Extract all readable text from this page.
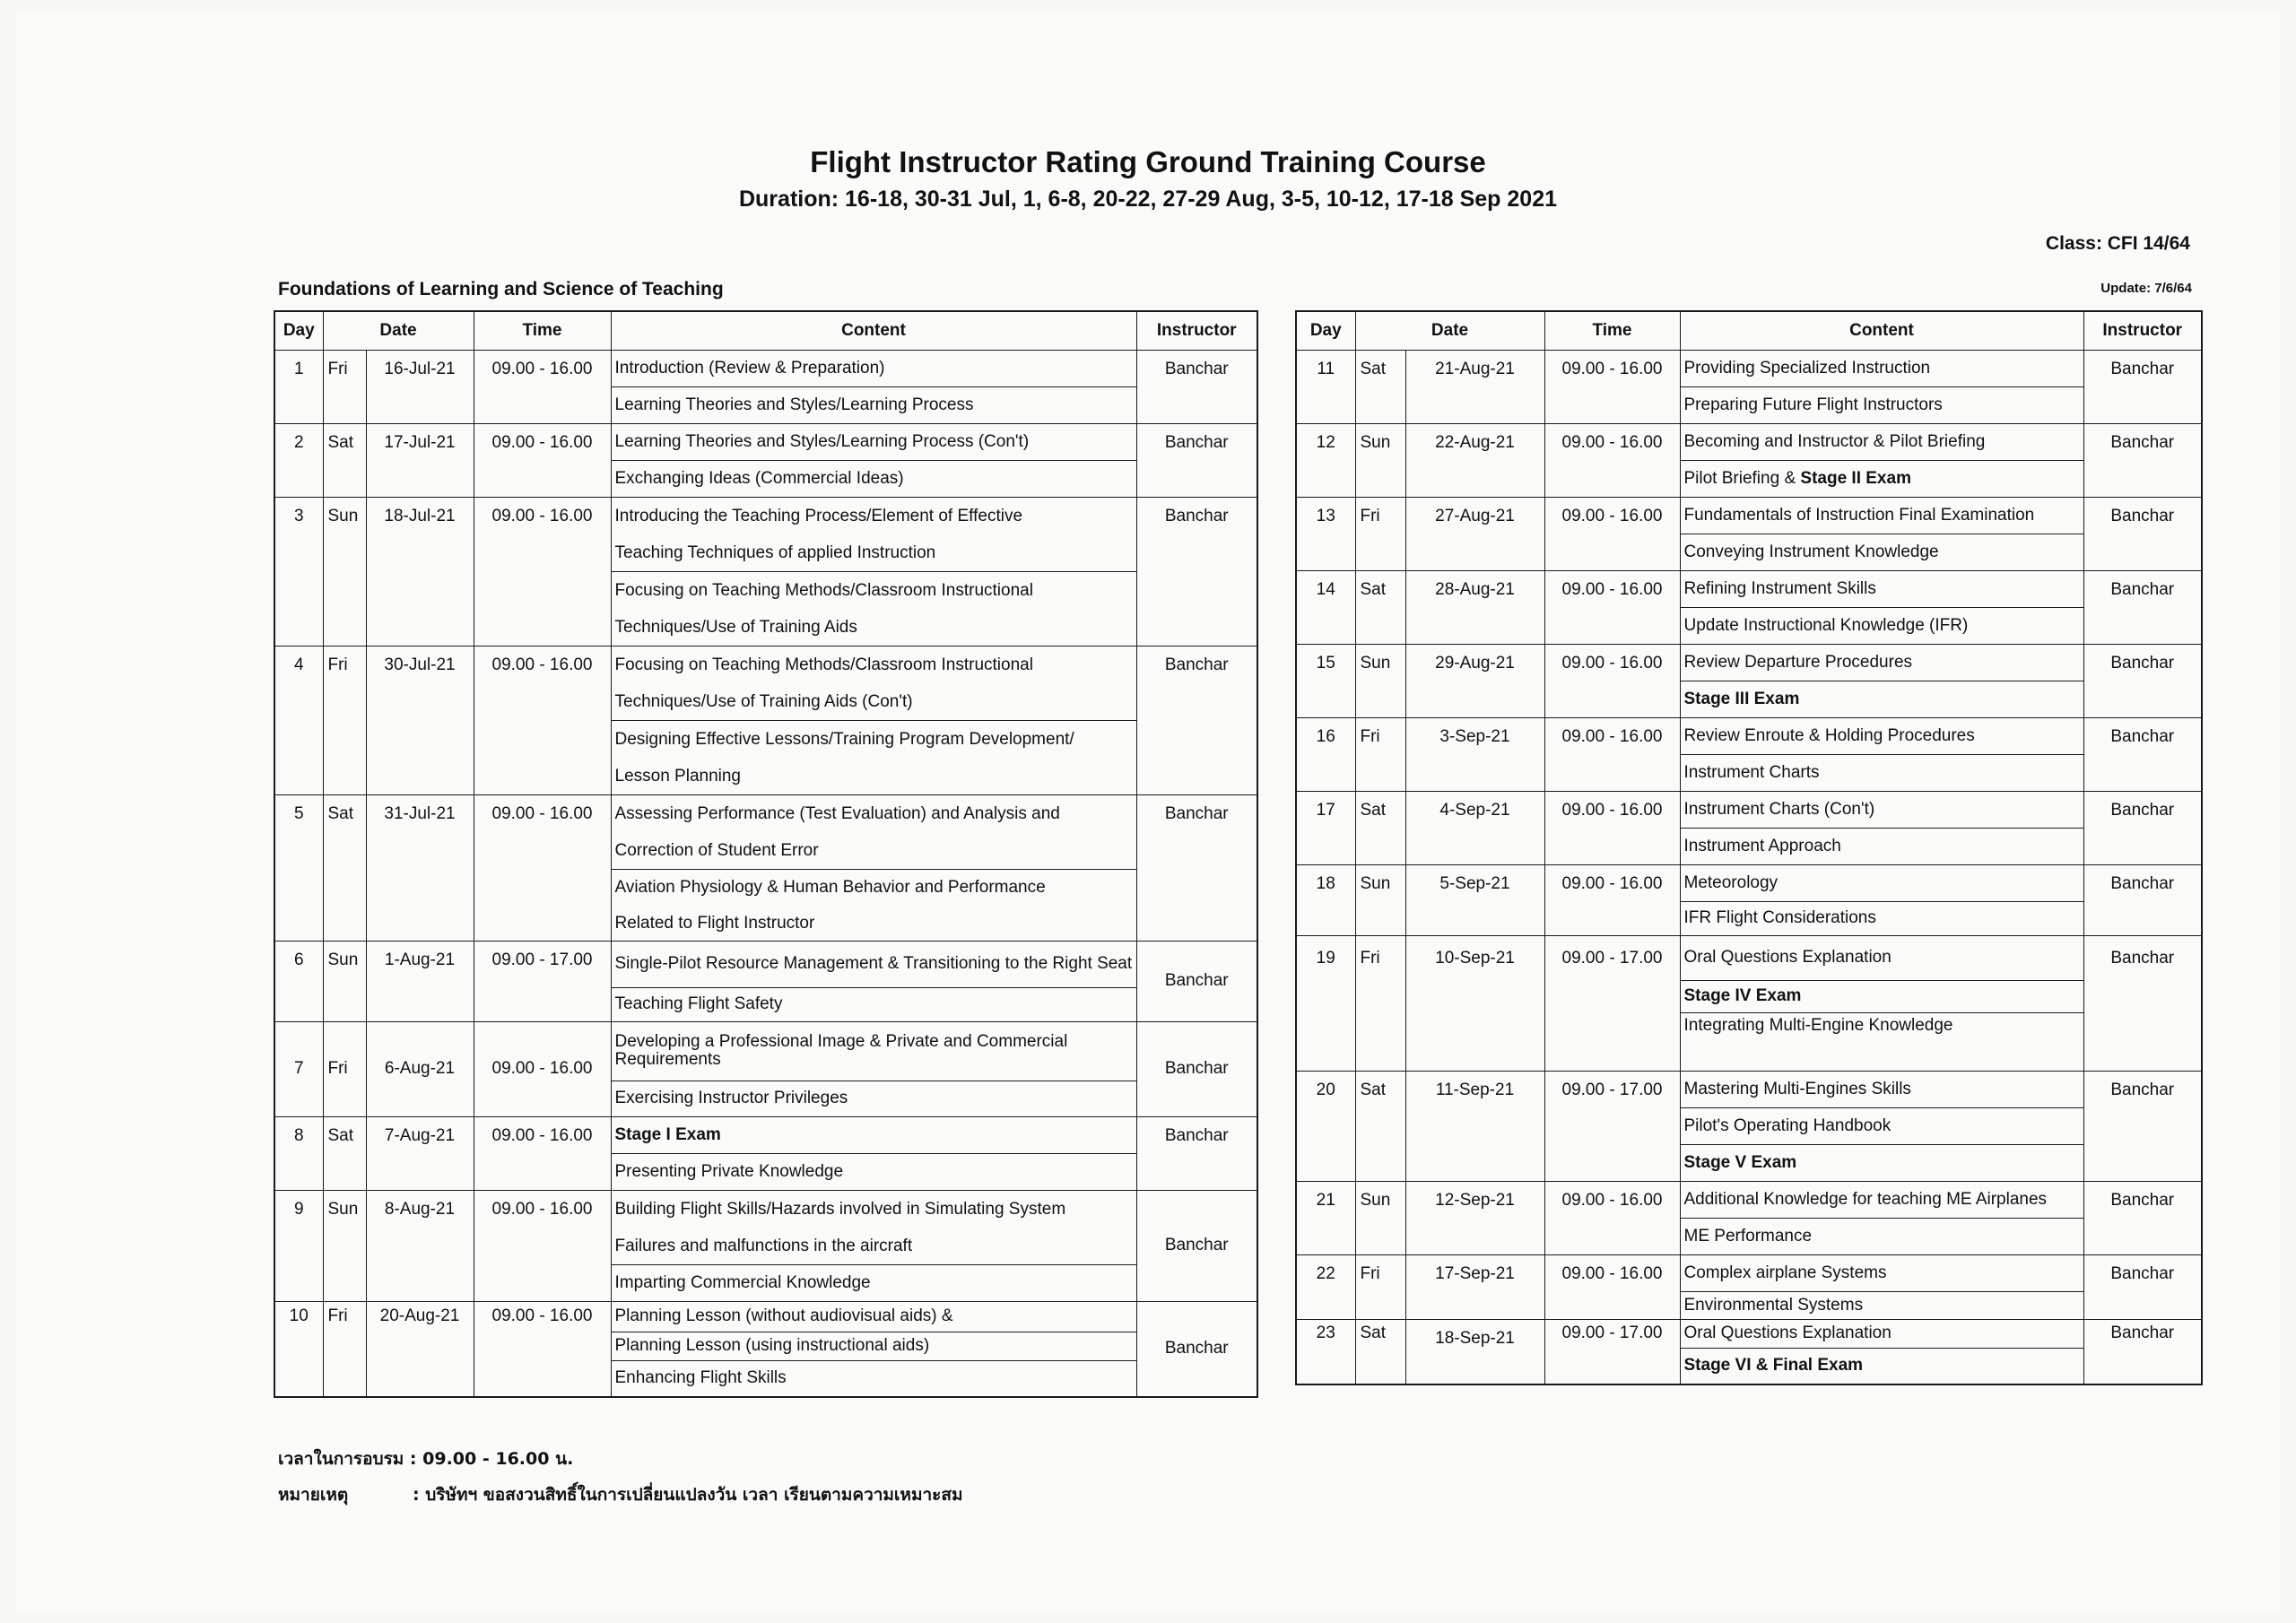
Flight Instructor Rating Ground Training Course
Duration: 16-18, 30-31 Jul, 1, 6-8, 20-22, 27-29 Aug, 3-5, 10-12, 17-18 Sep 2021
Class: CFI 14/64
Update: 7/6/64
Foundations of Learning and Science of Teaching
Day	Date		Time	Content	Instructor
1	Fri	16-Jul-21	09.00 - 16.00	Introduction (Review & Preparation)	Banchar
				Learning Theories and Styles/Learning Process	
2	Sat	17-Jul-21	09.00 - 16.00	Learning Theories and Styles/Learning Process (Con't)	Banchar
				Exchanging Ideas (Commercial Ideas)	
3	Sun	18-Jul-21	09.00 - 16.00	Introducing the Teaching Process/Element of Effective
Teaching Techniques of applied Instruction	Banchar

				Focusing on Teaching Methods/Classroom Instructional
Techniques/Use of Training Aids	

4	Fri	30-Jul-21	09.00 - 16.00	Focusing on Teaching Methods/Classroom Instructional
Techniques/Use of Training Aids (Con't)	Banchar

				Designing Effective Lessons/Training Program Development/
Lesson Planning	

5	Sat	31-Jul-21	09.00 - 16.00	Assessing Performance (Test Evaluation) and Analysis and
Correction of Student Error	Banchar

				Aviation Physiology & Human Behavior and Performance
Related to Flight Instructor	

6	Sun	1-Aug-21	09.00 - 17.00	Single-Pilot Resource Management & Transitioning to the Right Seat	Banchar
				Teaching Flight Safety	
7	Fri	6-Aug-21	09.00 - 16.00	Developing a Professional Image & Private and Commercial Requirements	Banchar
				Exercising Instructor Privileges	
8	Sat	7-Aug-21	09.00 - 16.00	Stage I Exam	Banchar
				Presenting Private Knowledge	
9	Sun	8-Aug-21	09.00 - 16.00	Building Flight Skills/Hazards involved in Simulating System
Failures and malfunctions in the aircraft	Banchar
				Imparting Commercial Knowledge	
10	Fri	20-Aug-21	09.00 - 16.00	Planning Lesson (without audiovisual aids) &	Banchar
				Planning Lesson (using instructional aids)	
				Enhancing Flight Skills	
Day	Date		Time	Content	Instructor
11	Sat	21-Aug-21	09.00 - 16.00	Providing Specialized Instruction	Banchar
				Preparing Future Flight Instructors	
12	Sun	22-Aug-21	09.00 - 16.00	Becoming and Instructor & Pilot Briefing	Banchar
				Pilot Briefing & Stage II Exam	
13	Fri	27-Aug-21	09.00 - 16.00	Fundamentals of Instruction Final Examination	Banchar
				Conveying Instrument Knowledge	
14	Sat	28-Aug-21	09.00 - 16.00	Refining Instrument Skills	Banchar
				Update Instructional Knowledge (IFR)	
15	Sun	29-Aug-21	09.00 - 16.00	Review Departure Procedures	Banchar
				Stage III Exam	
16	Fri	3-Sep-21	09.00 - 16.00	Review Enroute & Holding Procedures	Banchar
				Instrument Charts	
17	Sat	4-Sep-21	09.00 - 16.00	Instrument Charts (Con't)	Banchar
				Instrument Approach	
18	Sun	5-Sep-21	09.00 - 16.00	Meteorology	Banchar
				IFR Flight Considerations	
19	Fri	10-Sep-21	09.00 - 17.00	Oral Questions Explanation	Banchar
				Stage IV Exam	
				Integrating Multi-Engine Knowledge	
20	Sat	11-Sep-21	09.00 - 17.00	Mastering Multi-Engines Skills	Banchar
				Pilot's Operating Handbook	
				Stage V Exam	
21	Sun	12-Sep-21	09.00 - 16.00	Additional Knowledge for teaching ME Airplanes	Banchar
				ME Performance	
22	Fri	17-Sep-21	09.00 - 16.00	Complex airplane Systems	Banchar
				Environmental Systems	
23	Sat	18-Sep-21	09.00 - 17.00	Oral Questions Explanation	Banchar
				Stage VI & Final Exam	
เวลาในการอบรม : 09.00 - 16.00 น.
หมายเหตุ	: บริษัทฯ ขอสงวนสิทธิ์ในการเปลี่ยนแปลงวัน เวลา เรียนตามความเหมาะสม
